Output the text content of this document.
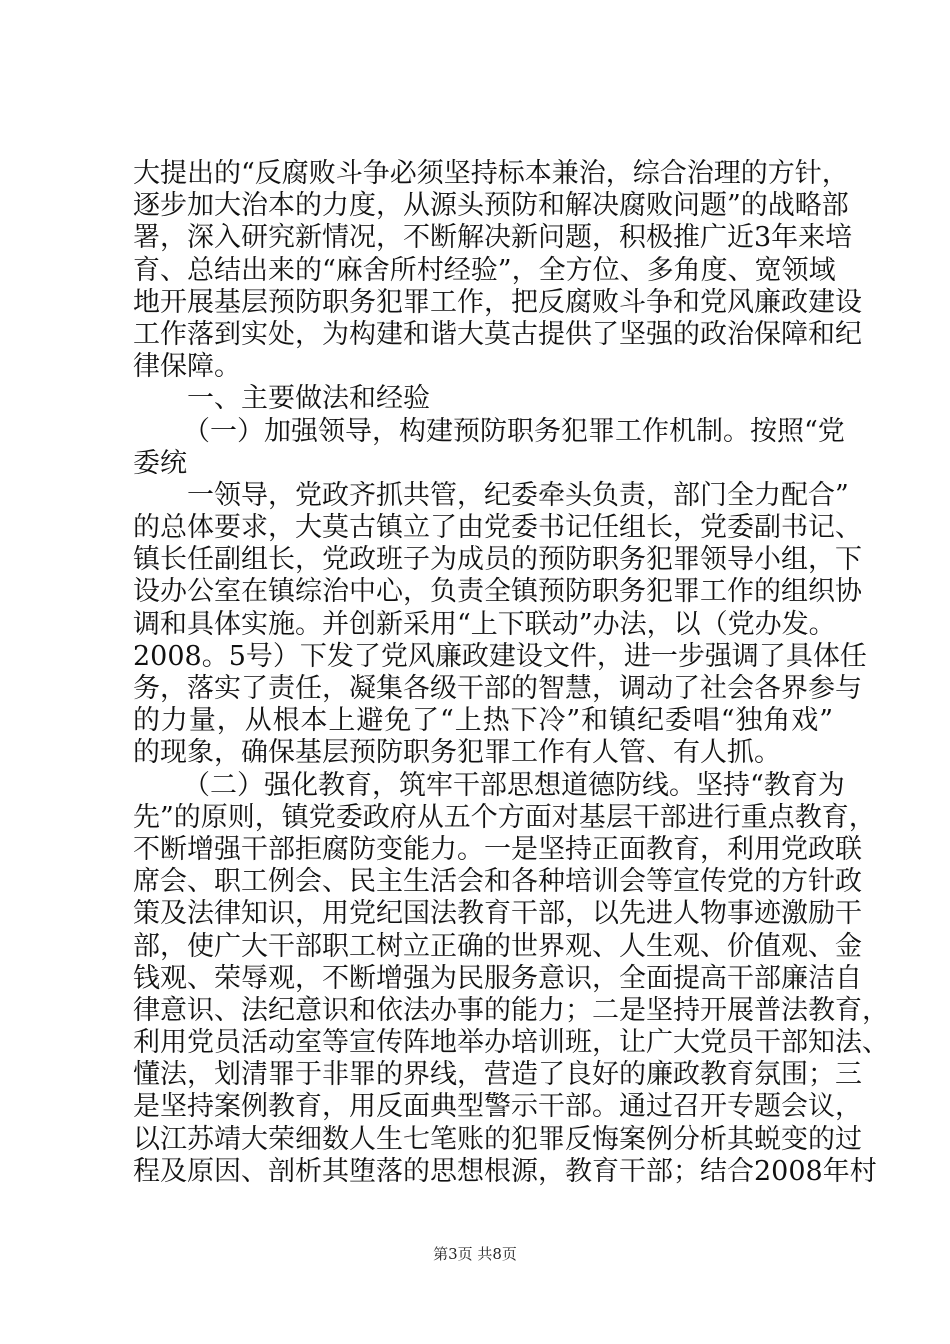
大提出的“反腐败斗争必须坚持标本兼治，综合治理的方针，
逐步加大治本的力度，从源头预防和解决腐败问题”的战略部
署，深入研究新情况，不断解决新问题，积极推广近3年来培
育、总结出来的“麻舍所村经验”，全方位、多角度、宽领域
地开展基层预防职务犯罪工作，把反腐败斗争和党风廉政建设
工作落到实处，为构建和谐大莫古提供了坚强的政治保障和纪
律保障。
一、主要做法和经验
（一）加强领导，构建预防职务犯罪工作机制。按照“党
委统
一领导，党政齐抓共管，纪委牵头负责，部门全力配合”
的总体要求，大莫古镇立了由党委书记任组长，党委副书记、
镇长任副组长，党政班子为成员的预防职务犯罪领导小组，下
设办公室在镇综治中心，负责全镇预防职务犯罪工作的组织协
调和具体实施。并创新采用“上下联动”办法，以（党办发。
2008。5号）下发了党风廉政建设文件，进一步强调了具体任
务，落实了责任，凝集各级干部的智慧，调动了社会各界参与
的力量，从根本上避免了“上热下冷”和镇纪委唱“独角戏”
的现象，确保基层预防职务犯罪工作有人管、有人抓。
（二）强化教育，筑牢干部思想道德防线。坚持“教育为
先”的原则，镇党委政府从五个方面对基层干部进行重点教育，
不断增强干部拒腐防变能力。一是坚持正面教育，利用党政联
席会、职工例会、民主生活会和各种培训会等宣传党的方针政
策及法律知识，用党纪国法教育干部，以先进人物事迹激励干
部，使广大干部职工树立正确的世界观、人生观、价值观、金
钱观、荣辱观，不断增强为民服务意识，全面提高干部廉洁自
律意识、法纪意识和依法办事的能力；二是坚持开展普法教育，
利用党员活动室等宣传阵地举办培训班，让广大党员干部知法、
懂法，划清罪于非罪的界线，营造了良好的廉政教育氛围；三
是坚持案例教育，用反面典型警示干部。通过召开专题会议，
以江苏靖大荣细数人生七笔账的犯罪反悔案例分析其蜕变的过
程及原因、剖析其堕落的思想根源，教育干部；结合2008年村
第3页 共8页
